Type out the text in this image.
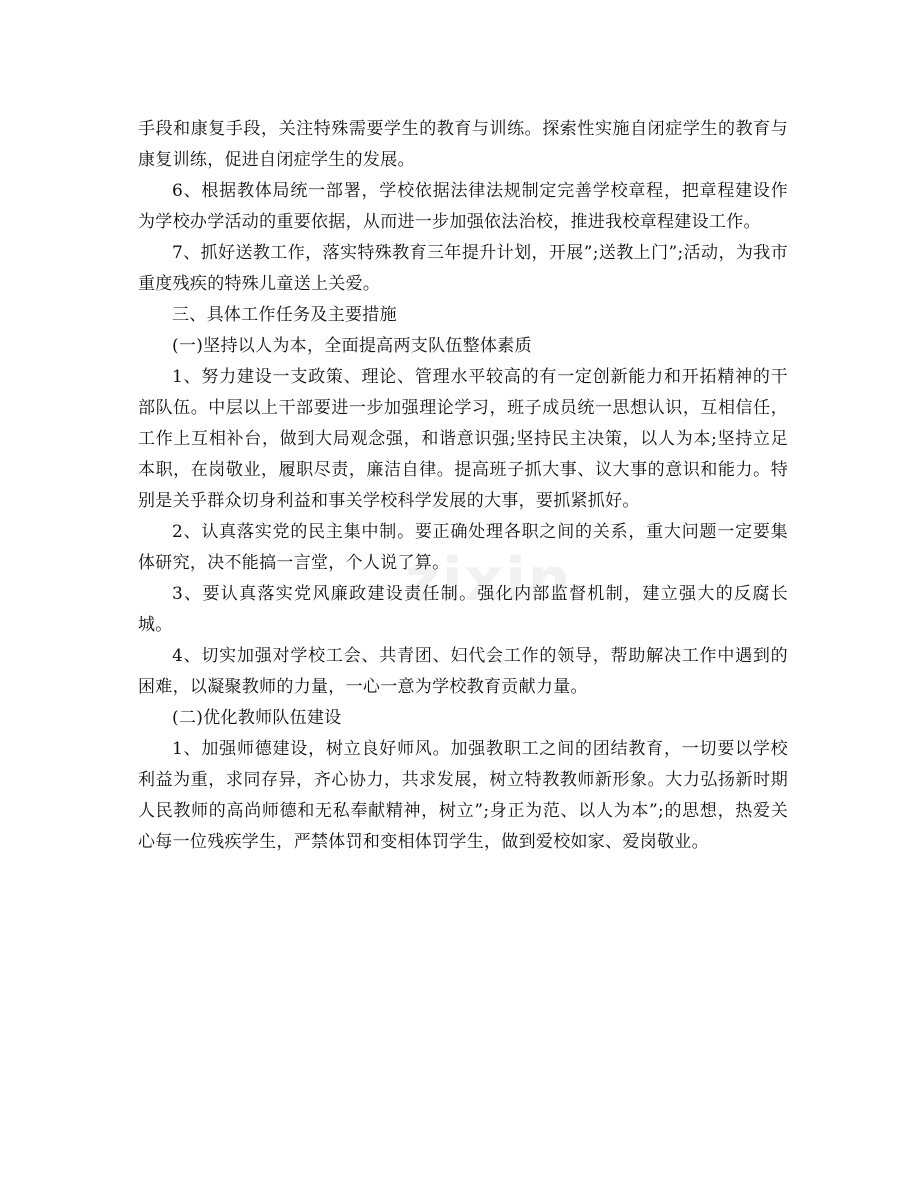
zixin

手段和康复手段，关注特殊需要学生的教育与训练。探索性实施自闭症学生的教育与康复训练，促进自闭症学生的发展。

6、根据教体局统一部署，学校依据法律法规制定完善学校章程，把章程建设作为学校办学活动的重要依据，从而进一步加强依法治校，推进我校章程建设工作。

7、抓好送教工作，落实特殊教育三年提升计划，开展”;送教上门”;活动，为我市重度残疾的特殊儿童送上关爱。

三、具体工作任务及主要措施

(一)坚持以人为本，全面提高两支队伍整体素质

1、努力建设一支政策、理论、管理水平较高的有一定创新能力和开拓精神的干部队伍。中层以上干部要进一步加强理论学习，班子成员统一思想认识，互相信任，工作上互相补台，做到大局观念强，和谐意识强;坚持民主决策，以人为本;坚持立足本职，在岗敬业，履职尽责，廉洁自律。提高班子抓大事、议大事的意识和能力。特别是关乎群众切身利益和事关学校科学发展的大事，要抓紧抓好。

2、认真落实党的民主集中制。要正确处理各职之间的关系，重大问题一定要集体研究，决不能搞一言堂，个人说了算。

3、要认真落实党风廉政建设责任制。强化内部监督机制，建立强大的反腐长城。

4、切实加强对学校工会、共青团、妇代会工作的领导，帮助解决工作中遇到的困难，以凝聚教师的力量，一心一意为学校教育贡献力量。

(二)优化教师队伍建设

1、加强师德建设，树立良好师风。加强教职工之间的团结教育，一切要以学校利益为重，求同存异，齐心协力，共求发展，树立特教教师新形象。大力弘扬新时期人民教师的高尚师德和无私奉献精神，树立”;身正为范、以人为本”;的思想，热爱关心每一位残疾学生，严禁体罚和变相体罚学生，做到爱校如家、爱岗敬业。
